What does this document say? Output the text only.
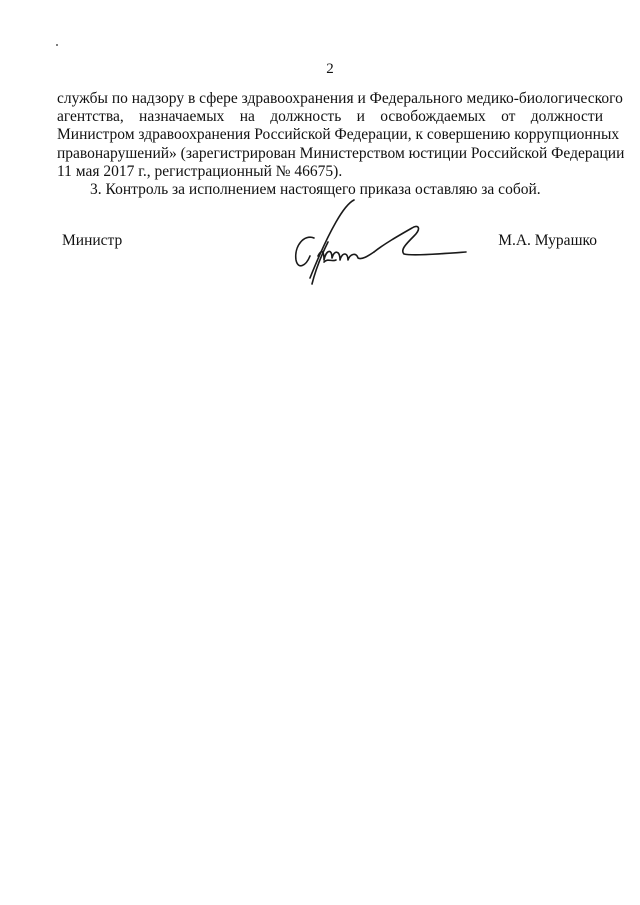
2

службы по надзору в сфере здравоохранения и Федерального медико-биологического
агентства, назначаемых на должность и освобождаемых от должности
Министром здравоохранения Российской Федерации, к совершению коррупционных
правонарушений» (зарегистрирован Министерством юстиции Российской Федерации
11 мая 2017 г., регистрационный № 46675).

3. Контроль за исполнением настоящего приказа оставляю за собой.

Министр	М.А. Мурашко
